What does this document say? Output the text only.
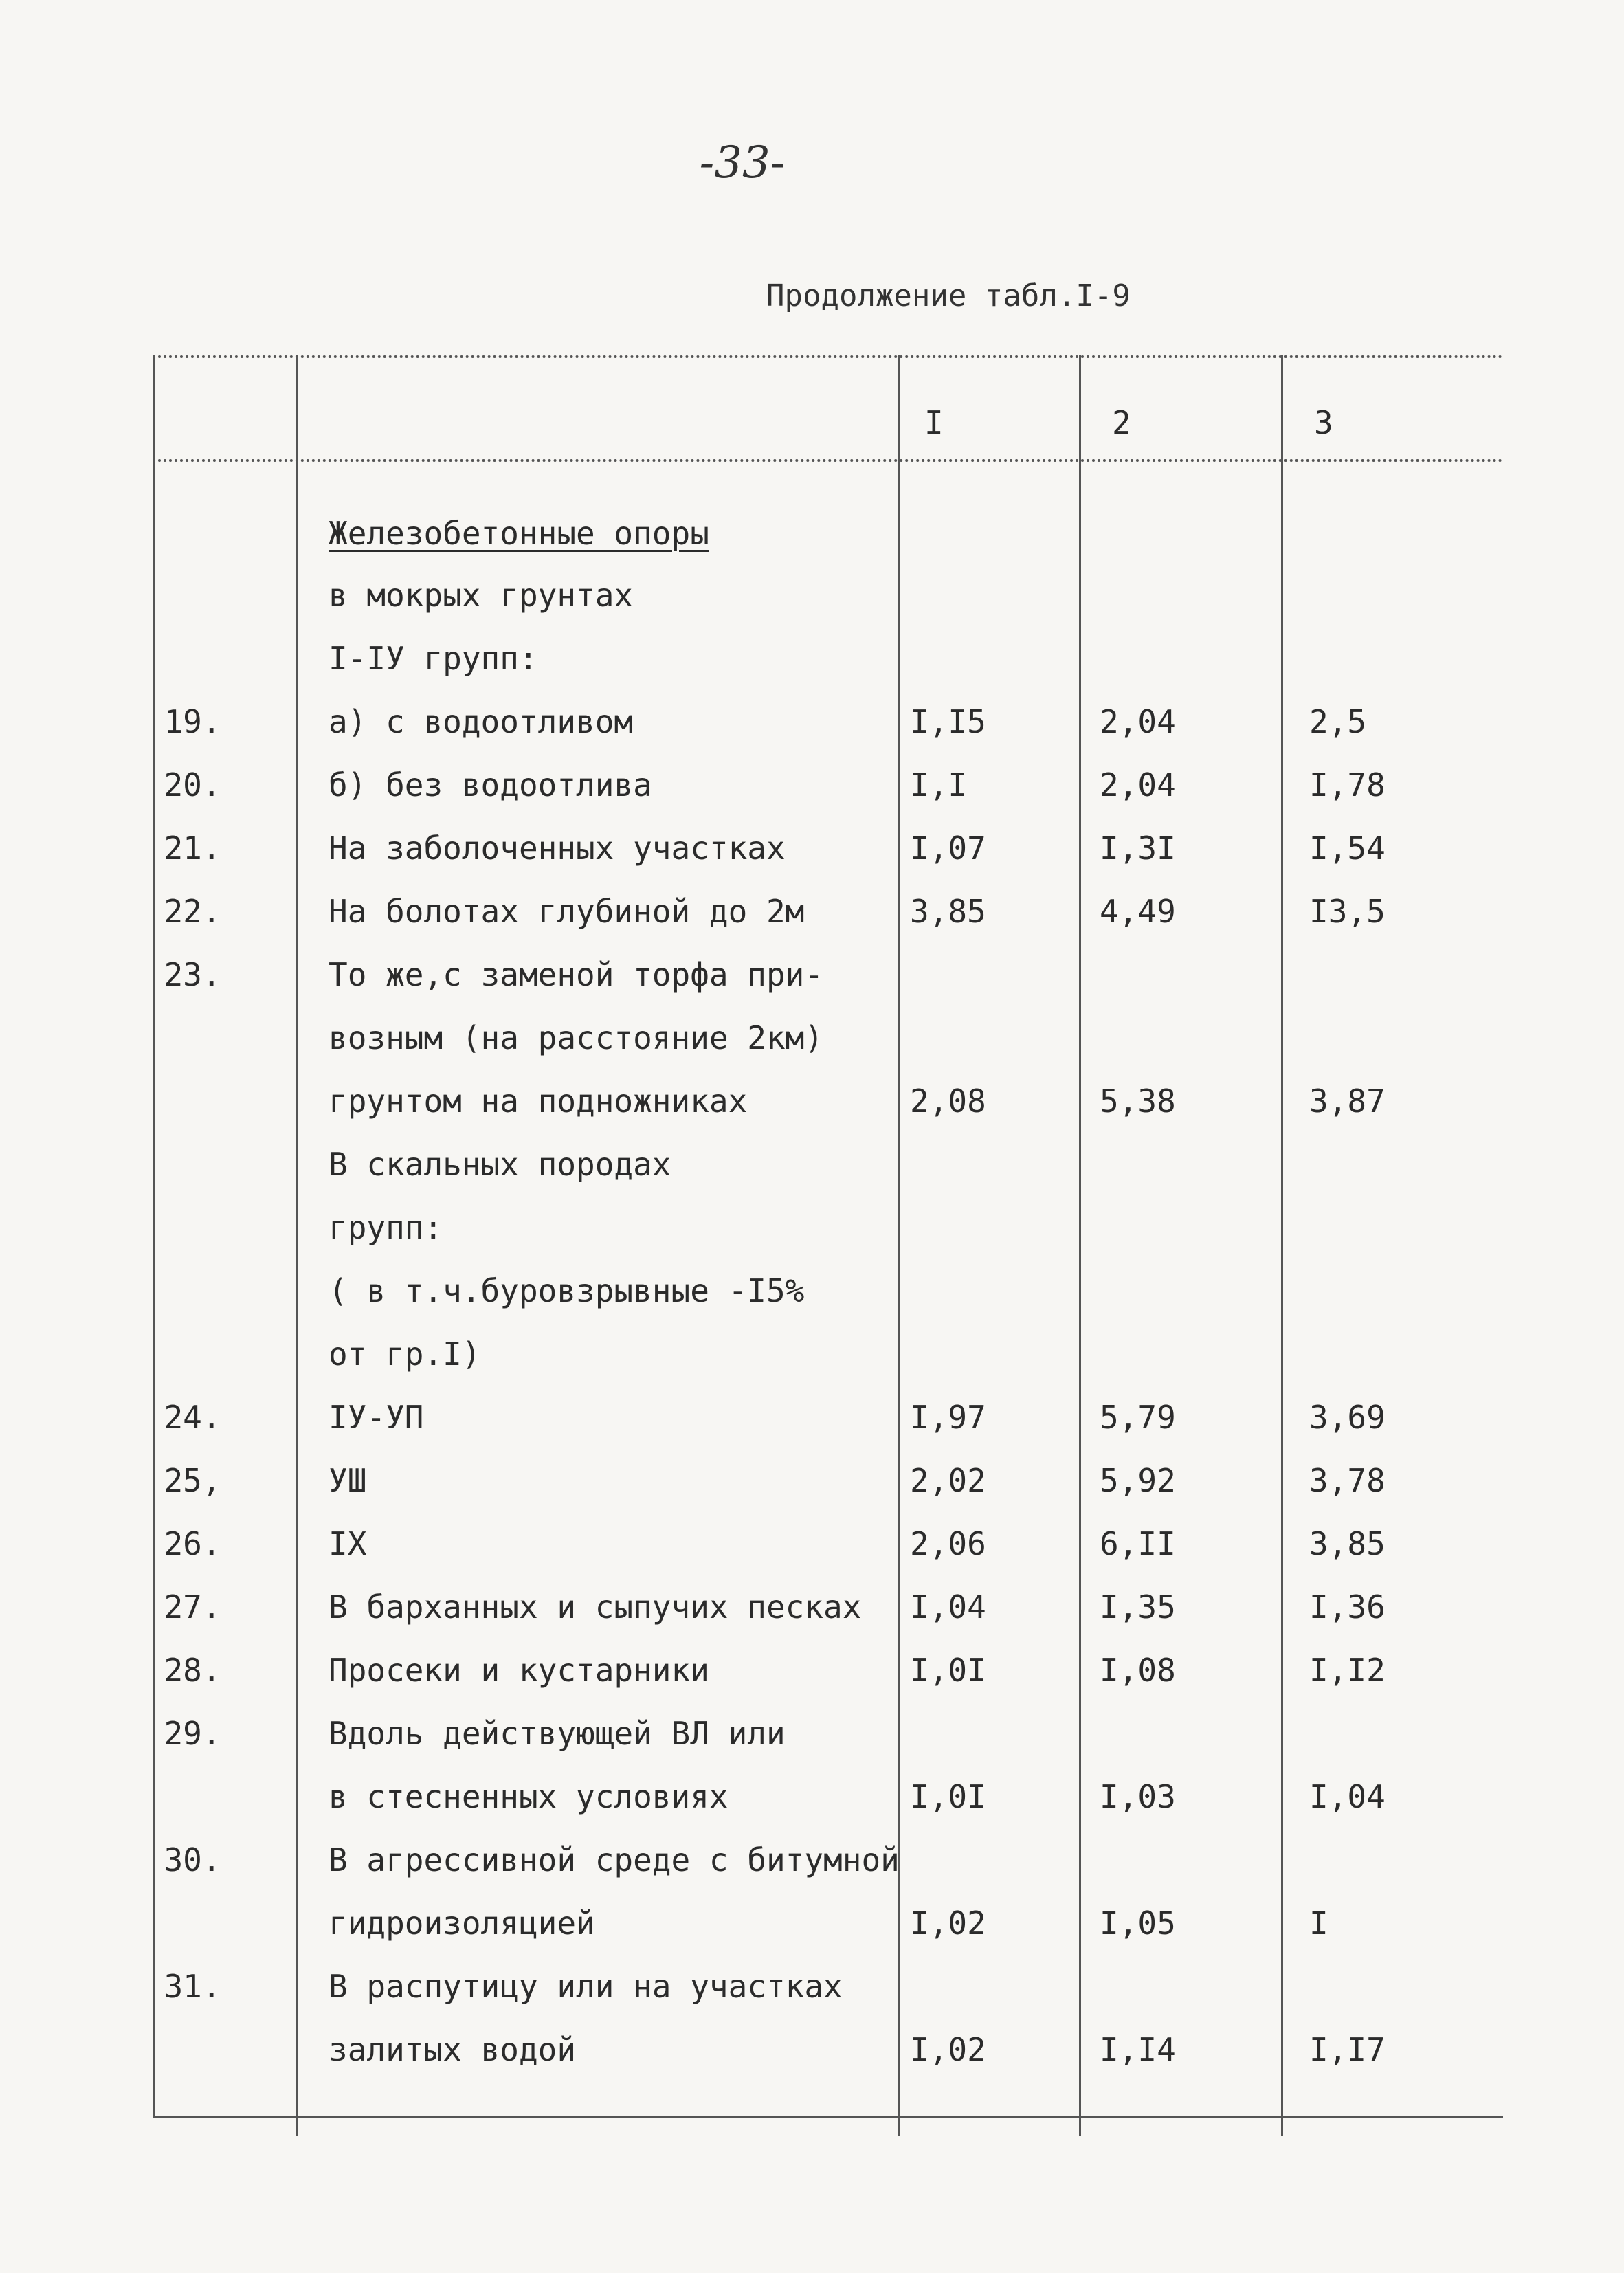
-33-
Продолжение табл.I-9
I	2	3
Железобетонные опоры
в мокрых грунтах
I-IУ групп:
19.	а) с водоотливом	I,I5	2,04	2,5
20.	б) без водоотлива	I,I	2,04	I,78
21.	На заболоченных участках	I,07	I,3I	I,54
22.	На болотах глубиной до 2м	3,85	4,49	I3,5
23.	То же,с заменой торфа при-
возным (на расстояние 2км)
грунтом на подножниках	2,08	5,38	3,87
В скальных породах
групп:
( в т.ч.буровзрывные -I5%
от гр.I)
24.	IУ-УП	I,97	5,79	3,69
25,	УШ	2,02	5,92	3,78
26.	IX	2,06	6,II	3,85
27.	В барханных и сыпучих песках I,04	I,35	I,36
28.	Просеки и кустарники	I,0I	I,08	I,I2
29.	Вдоль действующей ВЛ или
в стесненных условиях	I,0I	I,03	I,04
30.	В агрессивной среде с битумной
гидроизоляцией	I,02	I,05	I
31.	В распутицу или на участках
залитых водой	I,02	I,I4	I,I7
